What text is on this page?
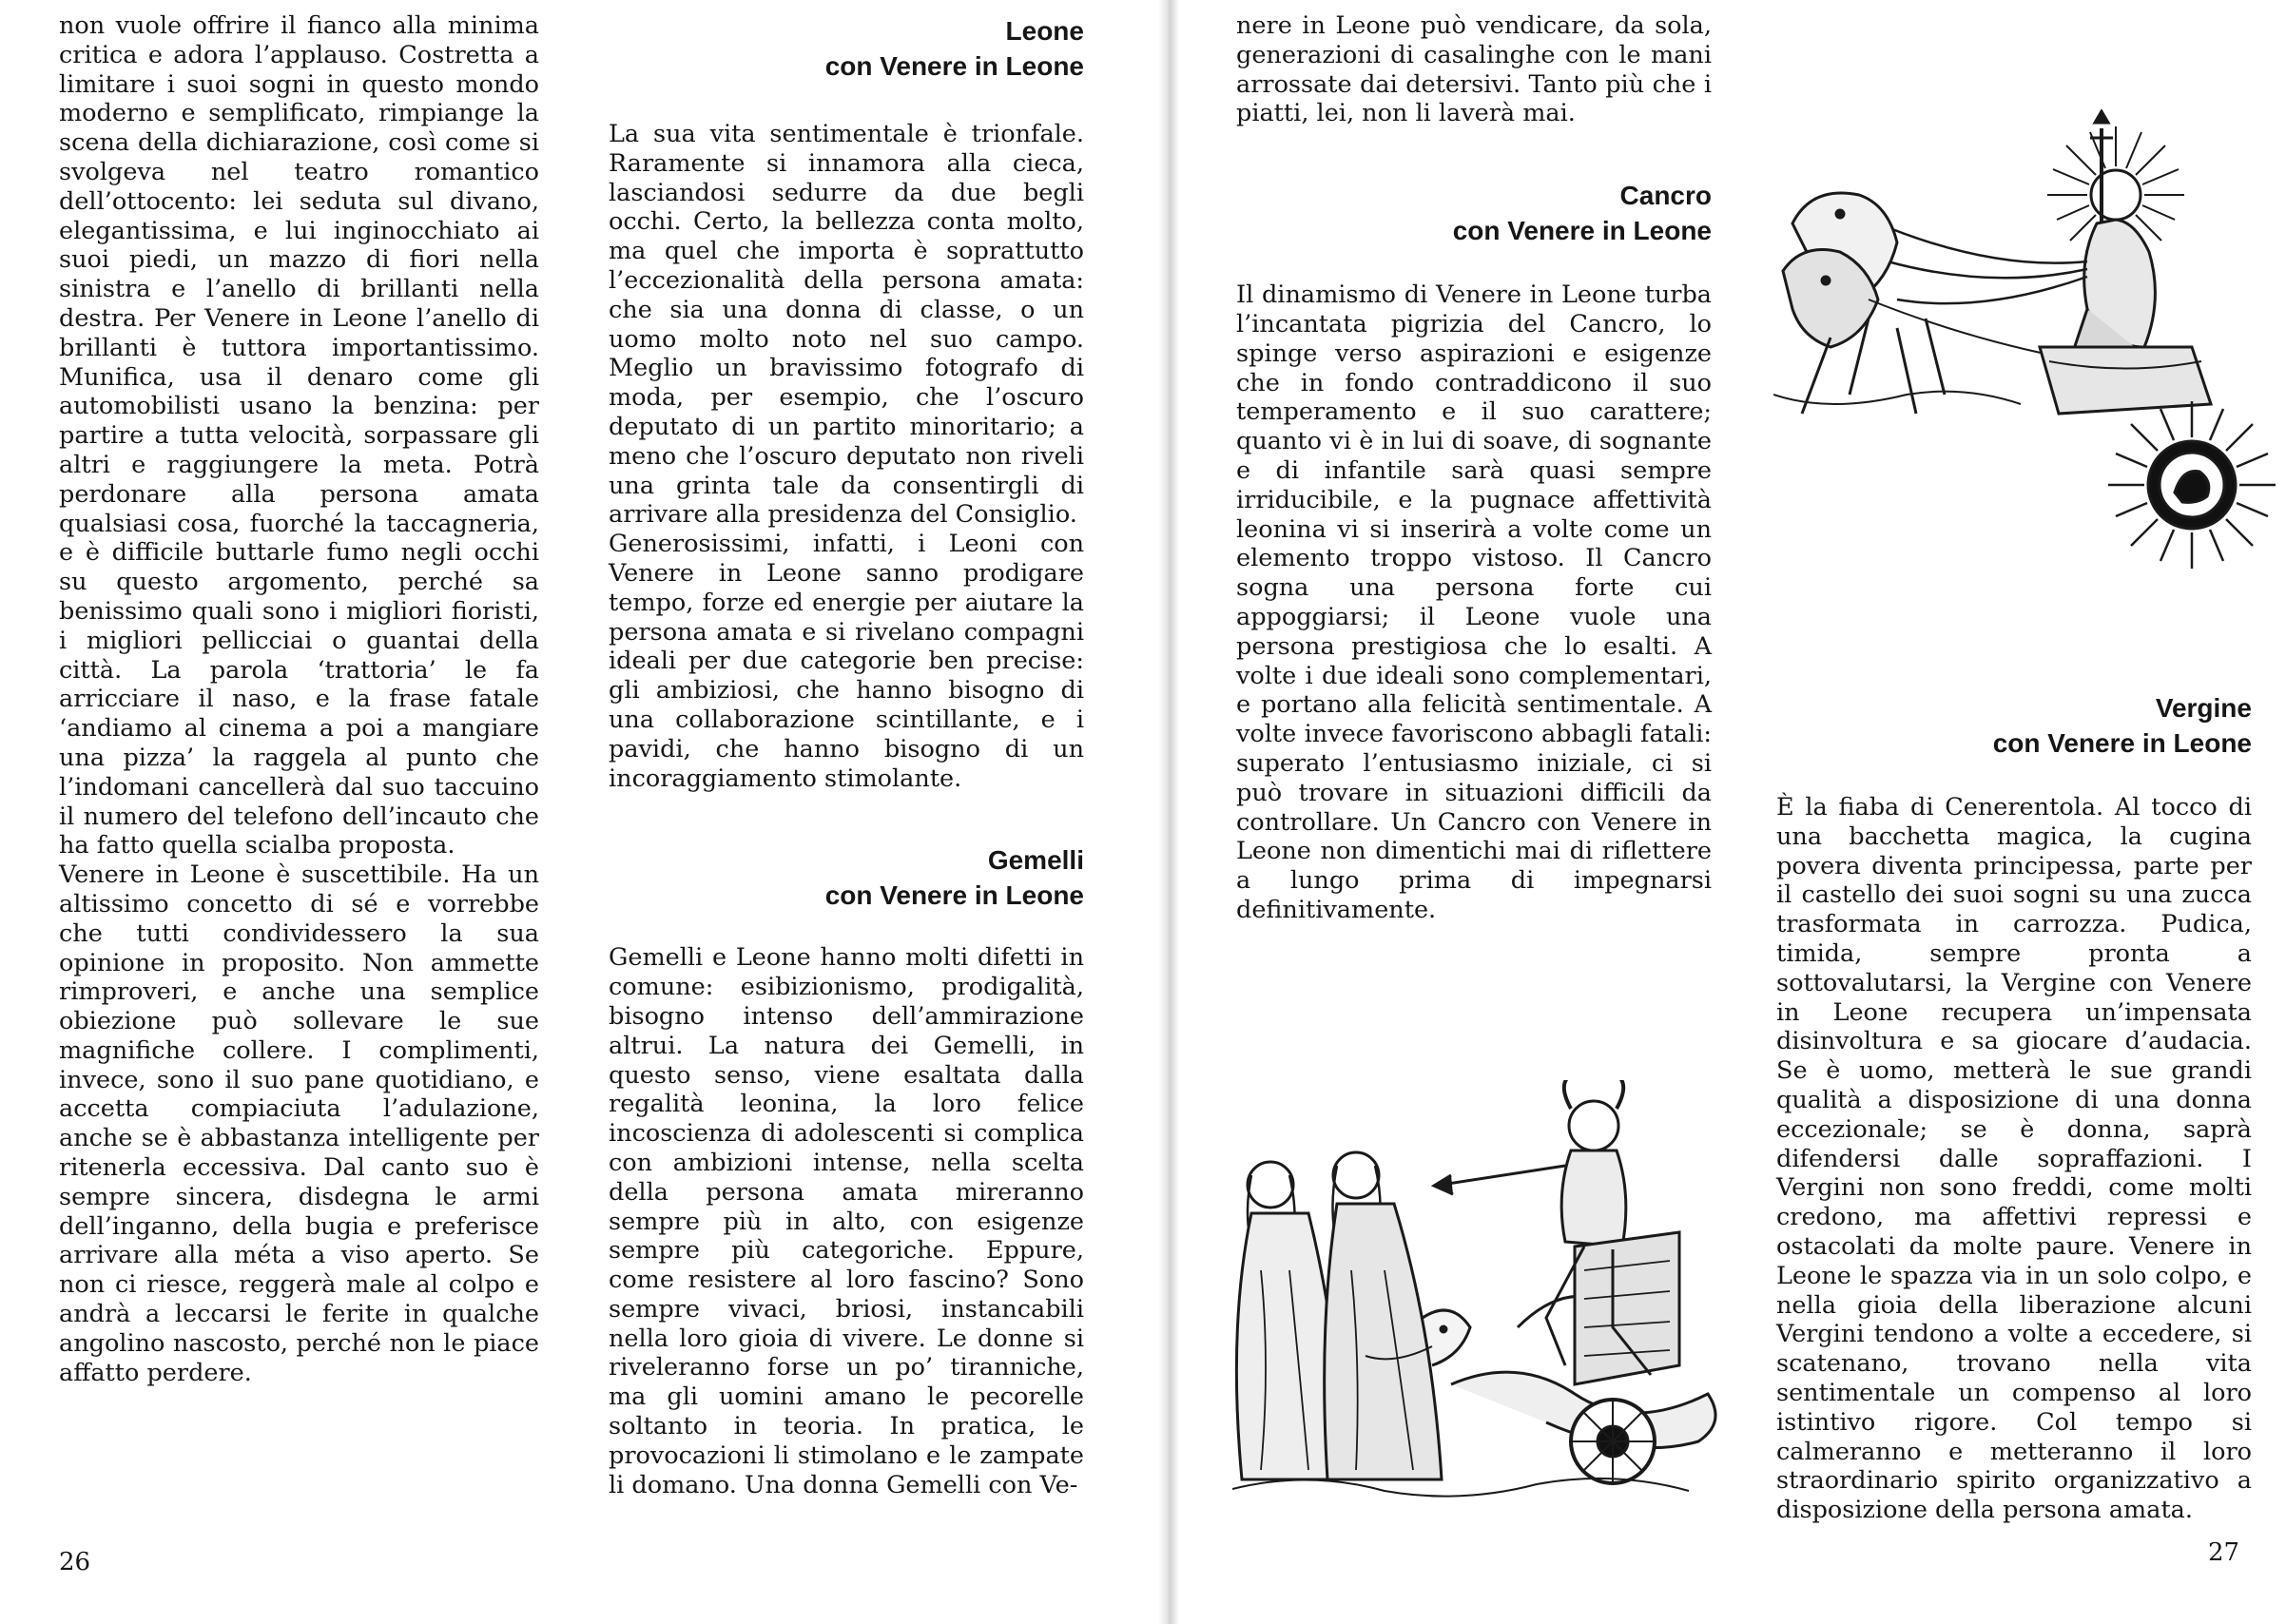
non vuole offrire il fianco alla minima critica e adora l’applauso. Costretta a limitare i suoi sogni in questo mondo moderno e semplificato, rimpiange la scena della dichiarazione, così come si svolgeva nel teatro romantico dell’ottocento: lei seduta sul divano, elegantissima, e lui inginocchiato ai suoi piedi, un mazzo di fiori nella sinistra e l’anello di brillanti nella destra. Per Venere in Leone l’anello di brillanti è tuttora importantissimo. Munifica, usa il denaro come gli automobilisti usano la benzina: per partire a tutta velocità, sorpassare gli altri e raggiungere la meta. Potrà perdonare alla persona amata qualsiasi cosa, fuorché la taccagneria, e è difficile buttarle fumo negli occhi su questo argomento, perché sa benissimo quali sono i migliori fioristi, i migliori pellicciai o guantai della città. La parola ‘trattoria’ le fa arricciare il naso, e la frase fatale ‘andiamo al cinema a poi a mangiare una pizza’ la raggela al punto che l’indomani cancellerà dal suo taccuino il numero del telefono dell’incauto che ha fatto quella scialba proposta.

Venere in Leone è suscettibile. Ha un altissimo concetto di sé e vorrebbe che tutti condividessero la sua opinione in proposito. Non ammette rimproveri, e anche una semplice obiezione può sollevare le sue magnifiche collere. I complimenti, invece, sono il suo pane quotidiano, e accetta compiaciuta l’adulazione, anche se è abbastanza intelligente per ritenerla eccessiva. Dal canto suo è sempre sincera, disdegna le armi dell’inganno, della bugia e preferisce arrivare alla méta a viso aperto. Se non ci riesce, reggerà male al colpo e andrà a leccarsi le ferite in qualche angolino nascosto, perché non le piace affatto perdere.

Leone
con Venere in Leone

La sua vita sentimentale è trionfale. Raramente si innamora alla cieca, lasciandosi sedurre da due begli occhi. Certo, la bellezza conta molto, ma quel che importa è soprattutto l’eccezionalità della persona amata: che sia una donna di classe, o un uomo molto noto nel suo campo. Meglio un bravissimo fotografo di moda, per esempio, che l’oscuro deputato di un partito minoritario; a meno che l’oscuro deputato non riveli una grinta tale da consentirgli di arrivare alla presidenza del Consiglio.

Generosissimi, infatti, i Leoni con Venere in Leone sanno prodigare tempo, forze ed energie per aiutare la persona amata e si rivelano compagni ideali per due categorie ben precise: gli ambiziosi, che hanno bisogno di una collaborazione scintillante, e i pavidi, che hanno bisogno di un incoraggiamento stimolante.

Gemelli
con Venere in Leone

Gemelli e Leone hanno molti difetti in comune: esibizionismo, prodigalità, bisogno intenso dell’ammirazione altrui. La natura dei Gemelli, in questo senso, viene esaltata dalla regalità leonina, la loro felice incoscienza di adolescenti si complica con ambizioni intense, nella scelta della persona amata mireranno sempre più in alto, con esigenze sempre più categoriche. Eppure, come resistere al loro fascino? Sono sempre vivaci, briosi, instancabili nella loro gioia di vivere. Le donne si riveleranno forse un po’ tiranniche, ma gli uomini amano le pecorelle soltanto in teoria. In pratica, le provocazioni li stimolano e le zampate li domano. Una donna Gemelli con Ve-

26

nere in Leone può vendicare, da sola, generazioni di casalinghe con le mani arrossate dai detersivi. Tanto più che i piatti, lei, non li laverà mai.

Cancro
con Venere in Leone

Il dinamismo di Venere in Leone turba l’incantata pigrizia del Cancro, lo spinge verso aspirazioni e esigenze che in fondo contraddicono il suo temperamento e il suo carattere; quanto vi è in lui di soave, di sognante e di infantile sarà quasi sempre irriducibile, e la pugnace affettività leonina vi si inserirà a volte come un elemento troppo vistoso. Il Cancro sogna una persona forte cui appoggiarsi; il Leone vuole una persona prestigiosa che lo esalti. A volte i due ideali sono complementari, e portano alla felicità sentimentale. A volte invece favoriscono abbagli fatali: superato l’entusiasmo iniziale, ci si può trovare in situazioni difficili da controllare. Un Cancro con Venere in Leone non dimentichi mai di riflettere a lungo prima di impegnarsi definitivamente.

Vergine
con Venere in Leone

È la fiaba di Cenerentola. Al tocco di una bacchetta magica, la cugina povera diventa principessa, parte per il castello dei suoi sogni su una zucca trasformata in carrozza. Pudica, timida, sempre pronta a sottovalutarsi, la Vergine con Venere in Leone recupera un’impensata disinvoltura e sa giocare d’audacia. Se è uomo, metterà le sue grandi qualità a disposizione di una donna eccezionale; se è donna, saprà difendersi dalle sopraffazioni. I Vergini non sono freddi, come molti credono, ma affettivi repressi e ostacolati da molte paure. Venere in Leone le spazza via in un solo colpo, e nella gioia della liberazione alcuni Vergini tendono a volte a eccedere, si scatenano, trovano nella vita sentimentale un compenso al loro istintivo rigore. Col tempo si calmeranno e metteranno il loro straordinario spirito organizzativo a disposizione della persona amata.

27
